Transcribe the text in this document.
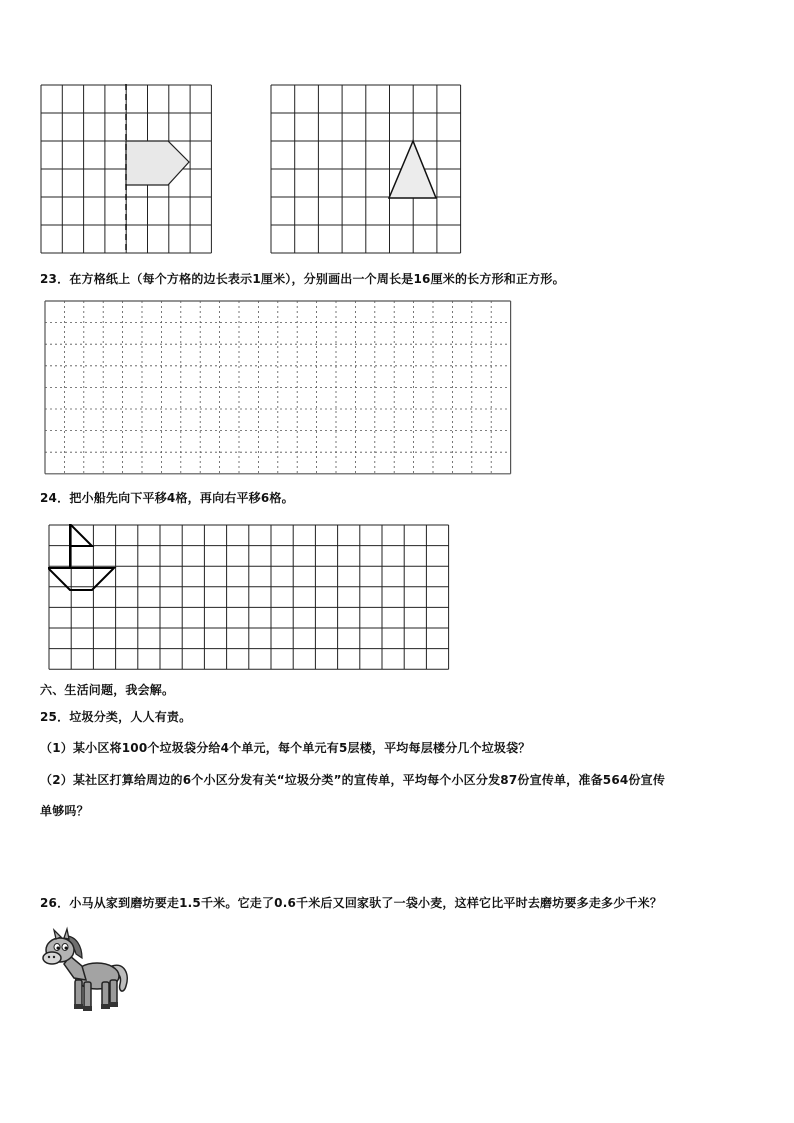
23．在方格纸上（每个方格的边长表示1厘米），分别画出一个周长是16厘米的长方形和正方形。
24．把小船先向下平移4格，再向右平移6格。
六、生活问题，我会解。
25．垃圾分类，人人有责。
（1）某小区将100个垃圾袋分给4个单元，每个单元有5层楼，平均每层楼分几个垃圾袋？
（2）某社区打算给周边的6个小区分发有关“垃圾分类”的宣传单，平均每个小区分发87份宣传单，准备564份宣传
单够吗？
26．小马从家到磨坊要走1.5千米。它走了0.6千米后又回家驮了一袋小麦，这样它比平时去磨坊要多走多少千米？
